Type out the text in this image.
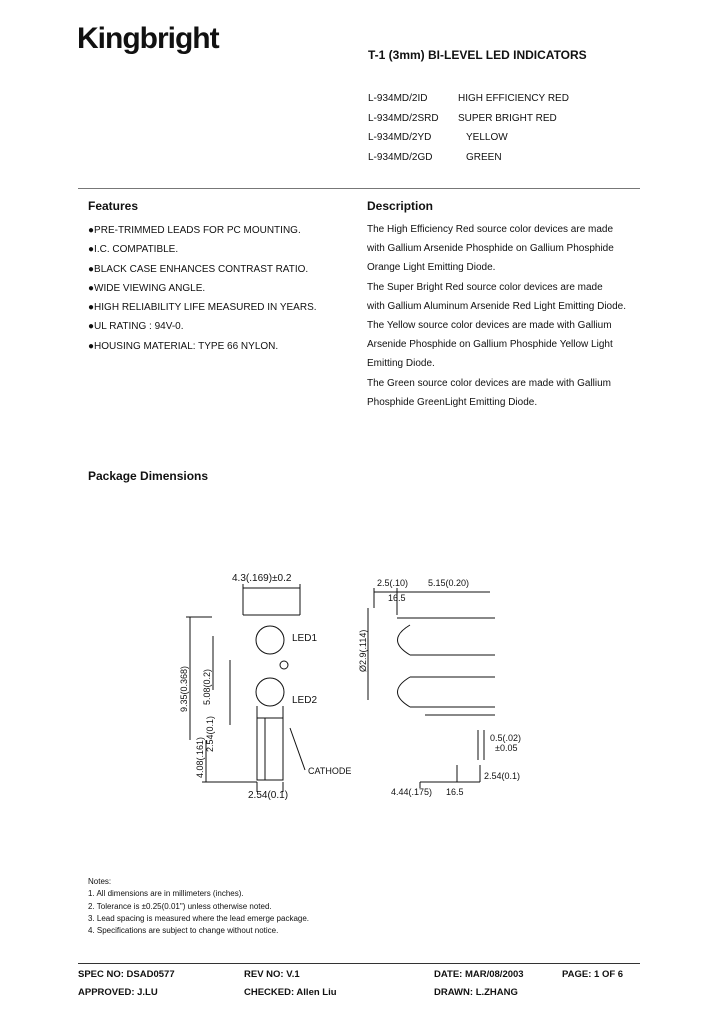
Kingbright	T-1 (3mm) BI-LEVEL LED INDICATORS
L-934MD/2ID	HIGH EFFICIENCY RED
L-934MD/2SRD SUPER BRIGHT RED
L-934MD/2YD	YELLOW
L-934MD/2GD	GREEN
Features
●PRE-TRIMMED LEADS FOR PC MOUNTING.
●I.C. COMPATIBLE.
●BLACK CASE ENHANCES CONTRAST RATIO.
●WIDE VIEWING ANGLE.
●HIGH RELIABILITY LIFE MEASURED IN YEARS.
●UL RATING : 94V-0.
●HOUSING MATERIAL: TYPE 66 NYLON.
Description
The High Efficiency Red source color devices are made
with Gallium Arsenide Phosphide on Gallium Phosphide
Orange Light Emitting Diode.
The Super Bright Red source color devices are made
with Gallium Aluminum Arsenide Red Light Emitting Diode.
The Yellow source color devices are made with Gallium
Arsenide Phosphide on Gallium Phosphide Yellow Light
Emitting Diode.
The Green source color devices are made with Gallium
Phosphide GreenLight Emitting Diode.
Package Dimensions
4.3(.169)±0.2
LED1
LED2
CATHODE
9.35(0.368) 5.08(0.2)
2.54(0.1)
4.08(.161)
2.54(0.1)
2.5(.10) 5.15(0.20)
16.5
Ø2.9(.114)
0.5(.02)
±0.05
4.44(.175) 16.5
2.54(0.1)
Notes:
1. All dimensions are in millimeters (inches).
2. Tolerance is ±0.25(0.01") unless otherwise noted.
3. Lead spacing is measured where the lead emerge package.
4. Specifications are subject to change without notice.
SPEC NO: DSAD0577	REV NO: V.1	DATE: MAR/08/2003	PAGE: 1 OF 6
APPROVED: J.LU	CHECKED: Allen Liu	DRAWN: L.ZHANG
